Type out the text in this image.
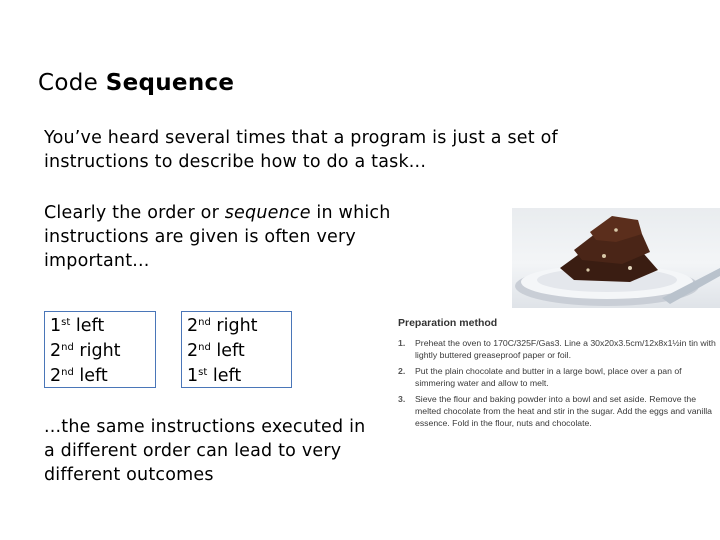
Code Sequence
You’ve heard several times that a program is just a set of instructions to describe how to do a task...
Clearly the order or sequence in which instructions are given is often very important...
1st left
2nd right
2nd left
2nd right
2nd left
1st left
...the same instructions executed in a different order can lead to very different outcomes
Preparation method
1. Preheat the oven to 170C/325F/Gas3. Line a 30x20x3.5cm/12x8x1½in tin with lightly buttered greaseproof paper or foil.
2. Put the plain chocolate and butter in a large bowl, place over a pan of simmering water and allow to melt.
3. Sieve the flour and baking powder into a bowl and set aside. Remove the melted chocolate from the heat and stir in the sugar. Add the eggs and vanilla essence. Fold in the flour, nuts and chocolate.
